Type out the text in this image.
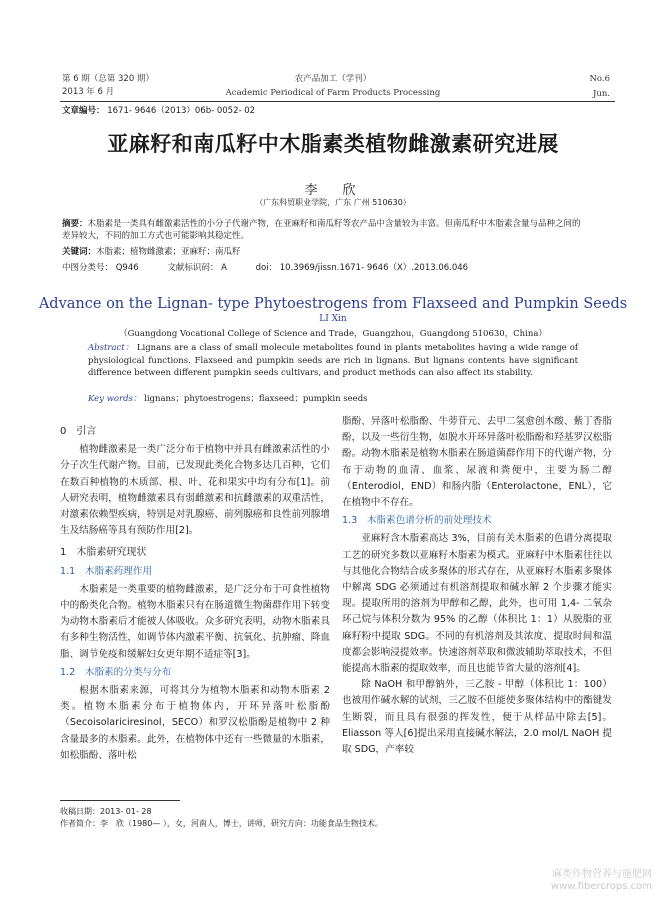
第 6 期（总第 320 期）
2013 年 6 月
农产品加工（学刊）
Academic Periodical of Farm Products Processing
No.6
Jun.
文章编号： 1671- 9646（2013）06b- 0052- 02
亚麻籽和南瓜籽中木脂素类植物雌激素研究进展
李　欣
（广东科贸职业学院，广东 广州 510630）
摘要：木脂素是一类具有雌激素活性的小分子代谢产物，在亚麻籽和南瓜籽等农产品中含量较为丰富。但南瓜籽中木脂素含量与品种之间的差异较大，不同的加工方式也可能影响其稳定性。
关键词：木脂素；植物雌激素；亚麻籽；南瓜籽
中图分类号： Q946	文献标识码： A	doi： 10.3969/jissn.1671- 9646（X）.2013.06.046
Advance on the Lignan- type Phytoestrogens from Flaxseed and Pumpkin Seeds
LI Xin
（Guangdong Vocational College of Science and Trade，Guangzhou，Guangdong 510630，China）
Abstract： Lignans are a class of small molecule metabolites found in plants metabolites having a wide range of physiological functions. Flaxseed and pumpkin seeds are rich in lignans. But lignans contents have significant difference between different pumpkin seeds cultivars, and product methods can also affect its stability.
Key words： lignans；phytoestrogens；flaxseed；pumpkin seeds
0　引言

植物雌激素是一类广泛分布于植物中并具有雌激素活性的小分子次生代谢产物。目前，已发现此类化合物多达几百种，它们在数百种植物的木质部、根、叶、花和果实中均有分布[1]。前人研究表明，植物雌激素具有弱雌激素和抗雌激素的双重活性，对激素依赖型疾病，特别是对乳腺癌、前列腺癌和良性前列腺增生及结肠癌等具有预防作用[2]。

1　木脂素研究现状
1.1　木脂素药理作用

木脂素是一类重要的植物雌激素，是广泛分布于可食性植物中的酚类化合物。植物木脂素只有在肠道微生物菌群作用下转变为动物木脂素后才能被人体吸收。众多研究表明，动物木脂素具有多种生物活性，如调节体内激素平衡、抗氧化、抗肿瘤、降血脂、调节免疫和缓解妇女更年期不适症等[3]。

1.2　木脂素的分类与分布

根据木脂素来源，可将其分为植物木脂素和动物木脂素 2 类。植物木脂素分布于植物体内，开环异落叶松脂酚（Secoisolariciresinol，SECO）和罗汉松脂酚是植物中 2 种含量最多的木脂素。此外，在植物体中还有一些微量的木脂素，如松脂酚、落叶松

脂酚、异落叶松脂酚、牛蒡苷元、去甲二氢愈创木酸、紫丁香脂酚，以及一些衍生物，如脱水开环异落叶松脂酚和羟基罗汉松脂酚。动物木脂素是植物木脂素在肠道菌群作用下的代谢产物，分布于动物的血清、血浆、尿液和粪便中，主要为肠二醇（Enterodiol，END）和肠内脂（Enterolactone，ENL），它在植物中不存在。

1.3　木脂素色谱分析的前处理技术

亚麻籽含木脂素高达 3%，目前有关木脂素的色谱分离提取工艺的研究多数以亚麻籽木脂素为模式。亚麻籽中木脂素往往以与其他化合物结合成多聚体的形式存在，从亚麻籽木脂素多聚体中解离 SDG 必须通过有机溶剂提取和碱水解 2 个步骤才能实现。提取所用的溶剂为甲醇和乙醇，此外，也可用 1,4- 二氧杂环己烷与体积分数为 95% 的乙醇（体积比 1：1）从脱脂的亚麻籽粉中提取 SDG。不同的有机溶剂及其浓度、提取时间和温度都会影响浸提效率。快速溶剂萃取和微波辅助萃取技术，不但能提高木脂素的提取效率，而且也能节省大量的溶剂[4]。

除 NaOH 和甲醇钠外，三乙胺 - 甲醇（体积比 1：100）也被用作碱水解的试剂，三乙胺不但能使多聚体结构中的酯键发生断裂，而且具有很强的挥发性，便于从样品中除去[5]。Eliasson 等人[6]提出采用直接碱水解法，2.0 mol/L NaOH 提取 SDG，产率较

收稿日期：2013- 01- 28
作者简介：李　欣（1980— ），女，河南人，博士，讲师，研究方向：功能食品生物技术。
麻类作物营养与施肥网
www.fibercrops.com
